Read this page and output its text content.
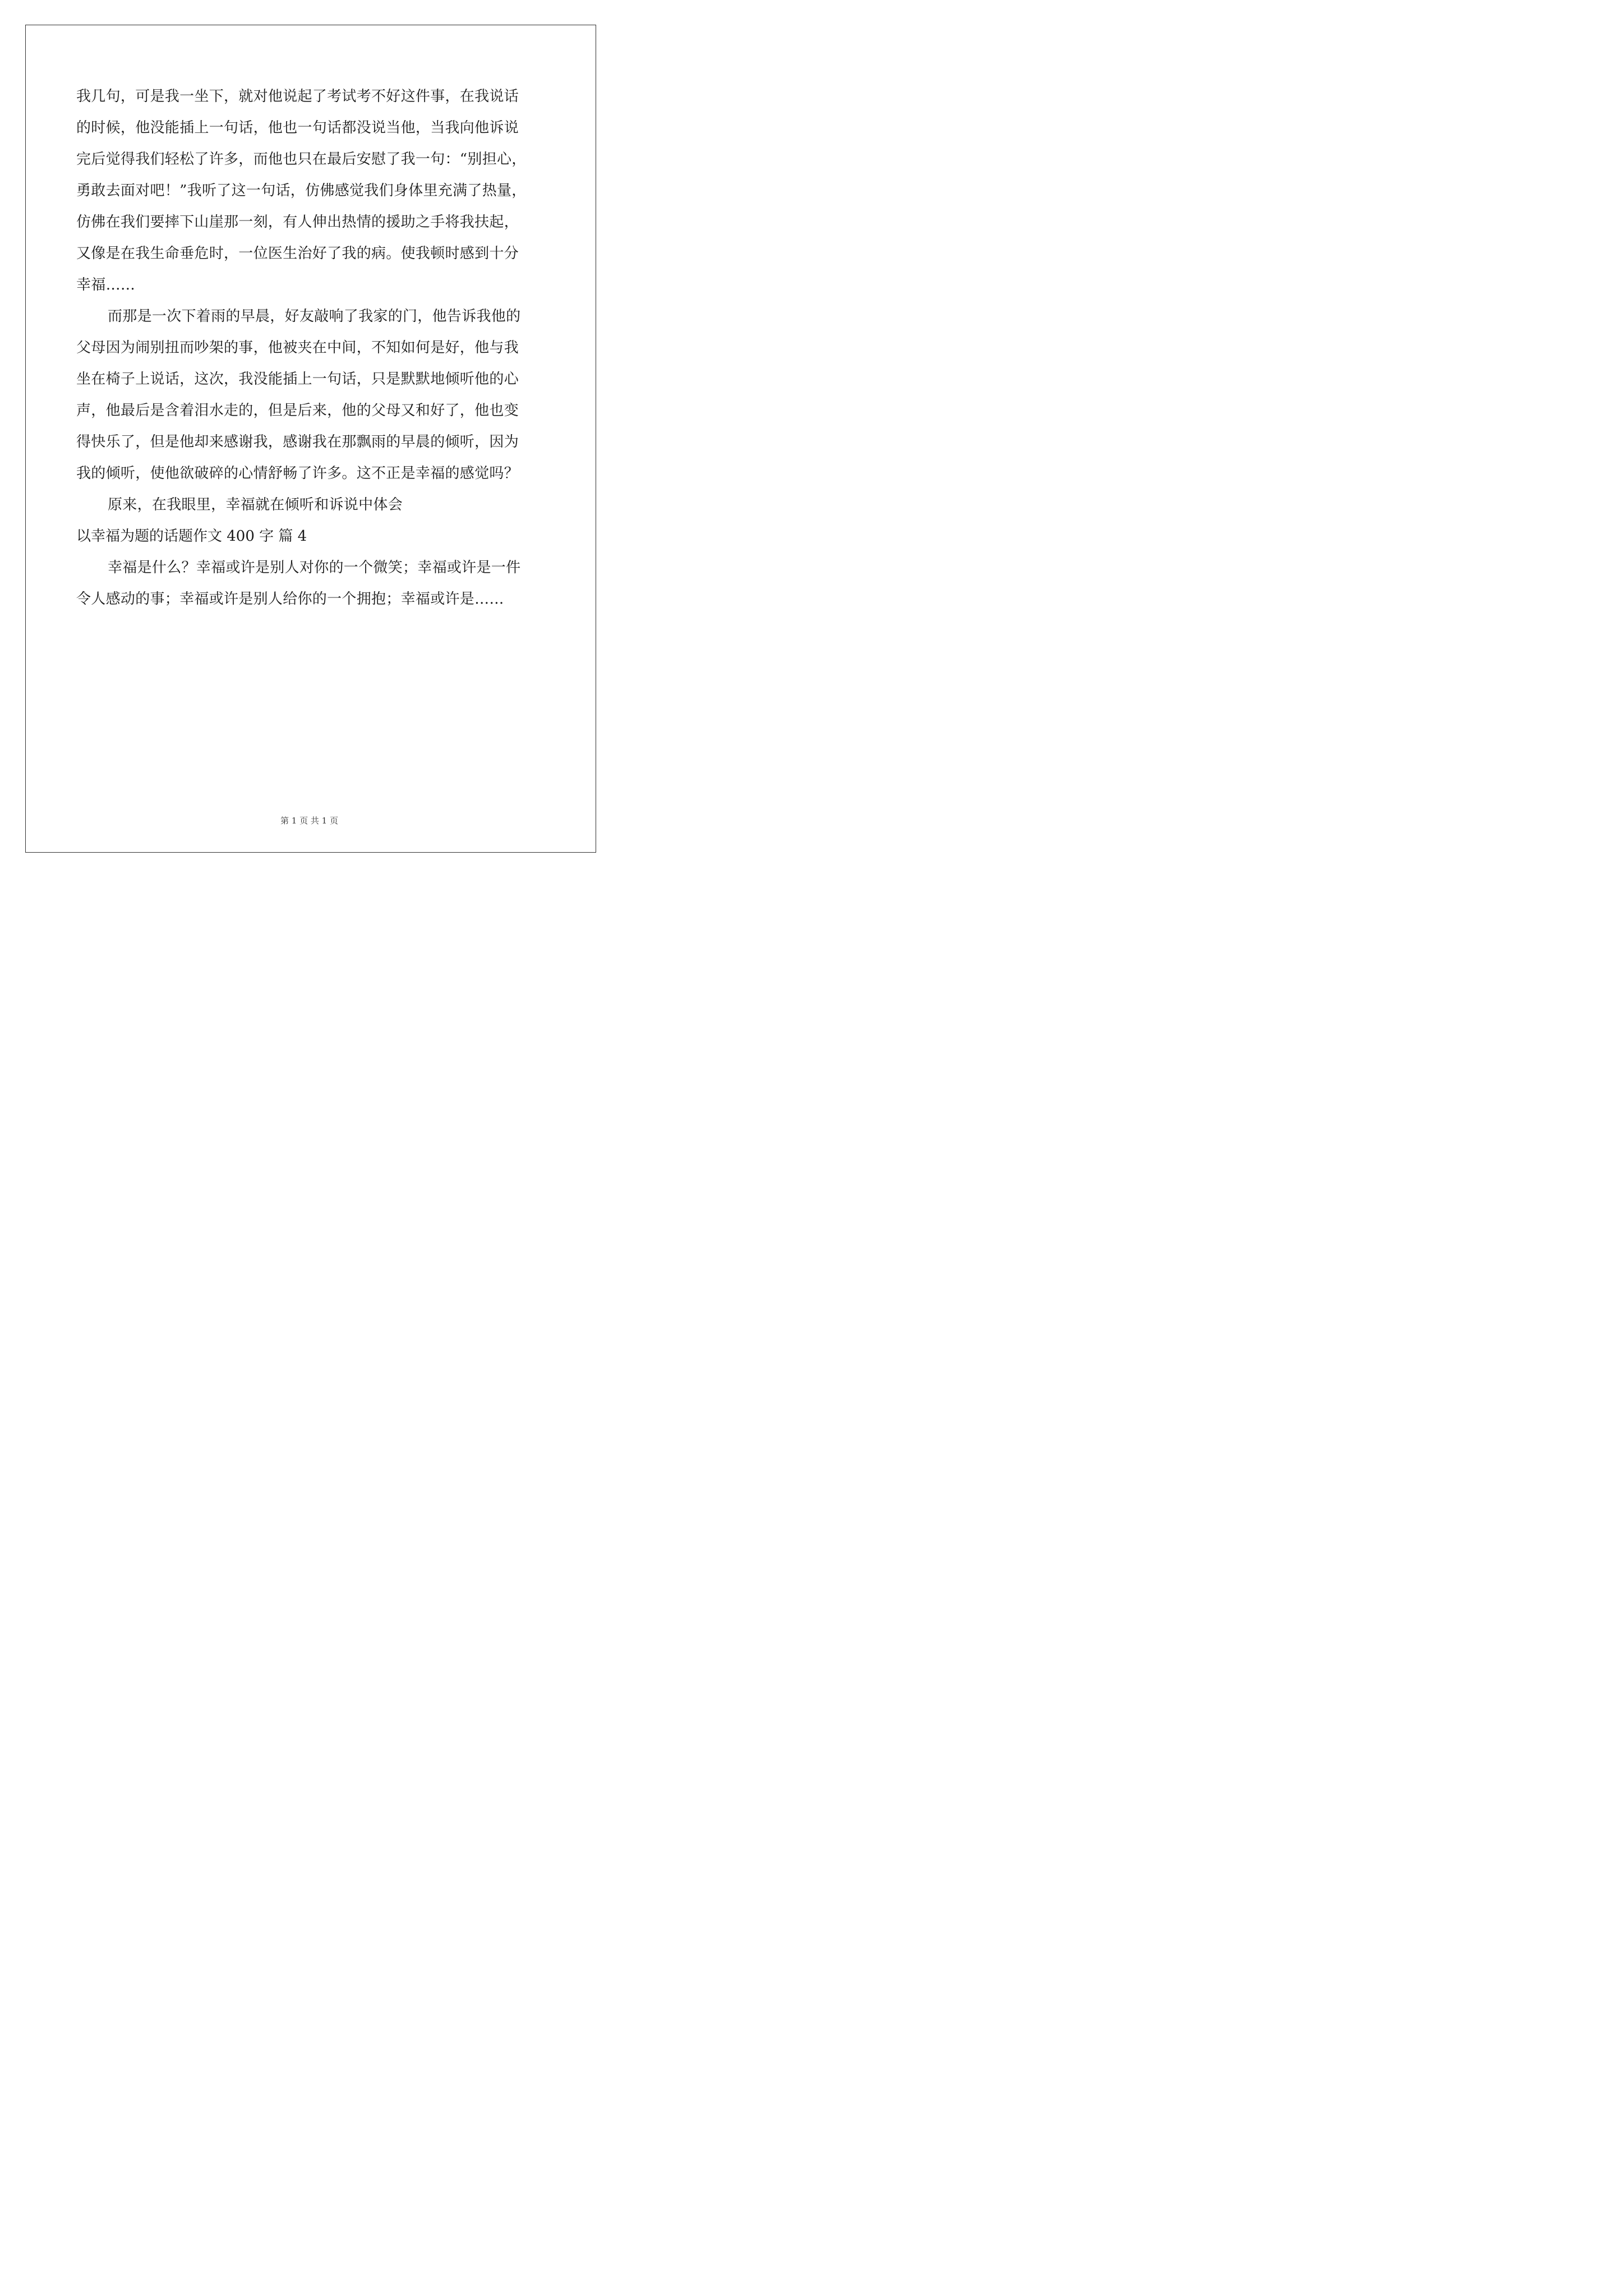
我几句，可是我一坐下，就对他说起了考试考不好这件事，在我说话
的时候，他没能插上一句话，他也一句话都没说当他，当我向他诉说
完后觉得我们轻松了许多，而他也只在最后安慰了我一句：“别担心，
勇敢去面对吧！”我听了这一句话，仿佛感觉我们身体里充满了热量，
仿佛在我们要摔下山崖那一刻，有人伸出热情的援助之手将我扶起，
又像是在我生命垂危时，一位医生治好了我的病。使我顿时感到十分
幸福……
而那是一次下着雨的早晨，好友敲响了我家的门，他告诉我他的
父母因为闹别扭而吵架的事，他被夹在中间，不知如何是好，他与我
坐在椅子上说话，这次，我没能插上一句话，只是默默地倾听他的心
声，他最后是含着泪水走的，但是后来，他的父母又和好了，他也变
得快乐了，但是他却来感谢我，感谢我在那飘雨的早晨的倾听，因为
我的倾听，使他欲破碎的心情舒畅了许多。这不正是幸福的感觉吗？
原来，在我眼里，幸福就在倾听和诉说中体会
以幸福为题的话题作文 400 字 篇 4
幸福是什么？幸福或许是别人对你的一个微笑；幸福或许是一件
令人感动的事；幸福或许是别人给你的一个拥抱；幸福或许是……
第 1 页 共 1 页
